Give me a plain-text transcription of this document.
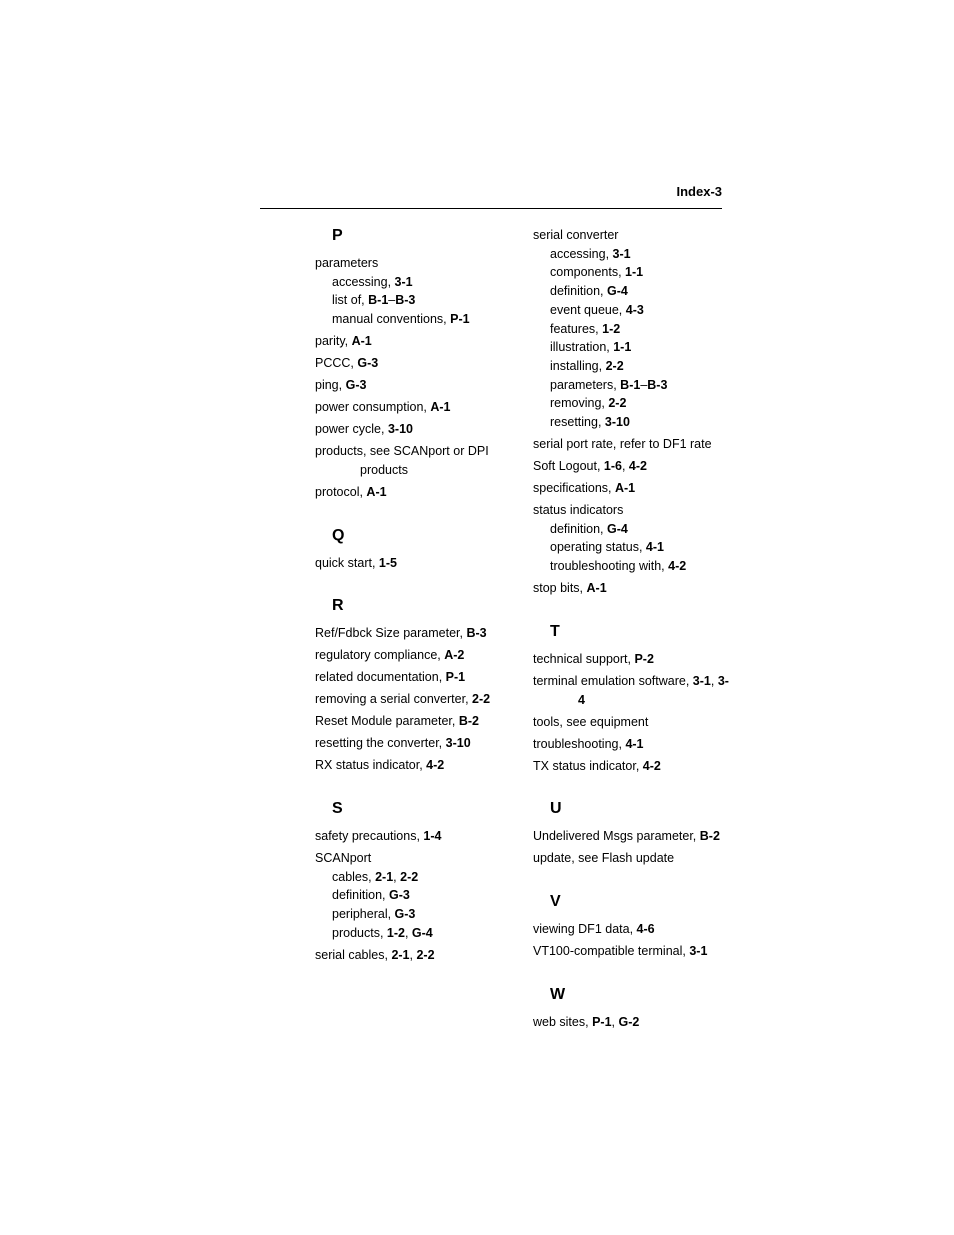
Index-3
P
parameters
accessing, 3-1
list of, B-1–B-3
manual conventions, P-1
parity, A-1
PCCC, G-3
ping, G-3
power consumption, A-1
power cycle, 3-10
products, see SCANport or DPI products
protocol, A-1
Q
quick start, 1-5
R
Ref/Fdbck Size parameter, B-3
regulatory compliance, A-2
related documentation, P-1
removing a serial converter, 2-2
Reset Module parameter, B-2
resetting the converter, 3-10
RX status indicator, 4-2
S
safety precautions, 1-4
SCANport
cables, 2-1, 2-2
definition, G-3
peripheral, G-3
products, 1-2, G-4
serial cables, 2-1, 2-2
serial converter
accessing, 3-1
components, 1-1
definition, G-4
event queue, 4-3
features, 1-2
illustration, 1-1
installing, 2-2
parameters, B-1–B-3
removing, 2-2
resetting, 3-10
serial port rate, refer to DF1 rate
Soft Logout, 1-6, 4-2
specifications, A-1
status indicators
definition, G-4
operating status, 4-1
troubleshooting with, 4-2
stop bits, A-1
T
technical support, P-2
terminal emulation software, 3-1, 3-4
tools, see equipment
troubleshooting, 4-1
TX status indicator, 4-2
U
Undelivered Msgs parameter, B-2
update, see Flash update
V
viewing DF1 data, 4-6
VT100-compatible terminal, 3-1
W
web sites, P-1, G-2
